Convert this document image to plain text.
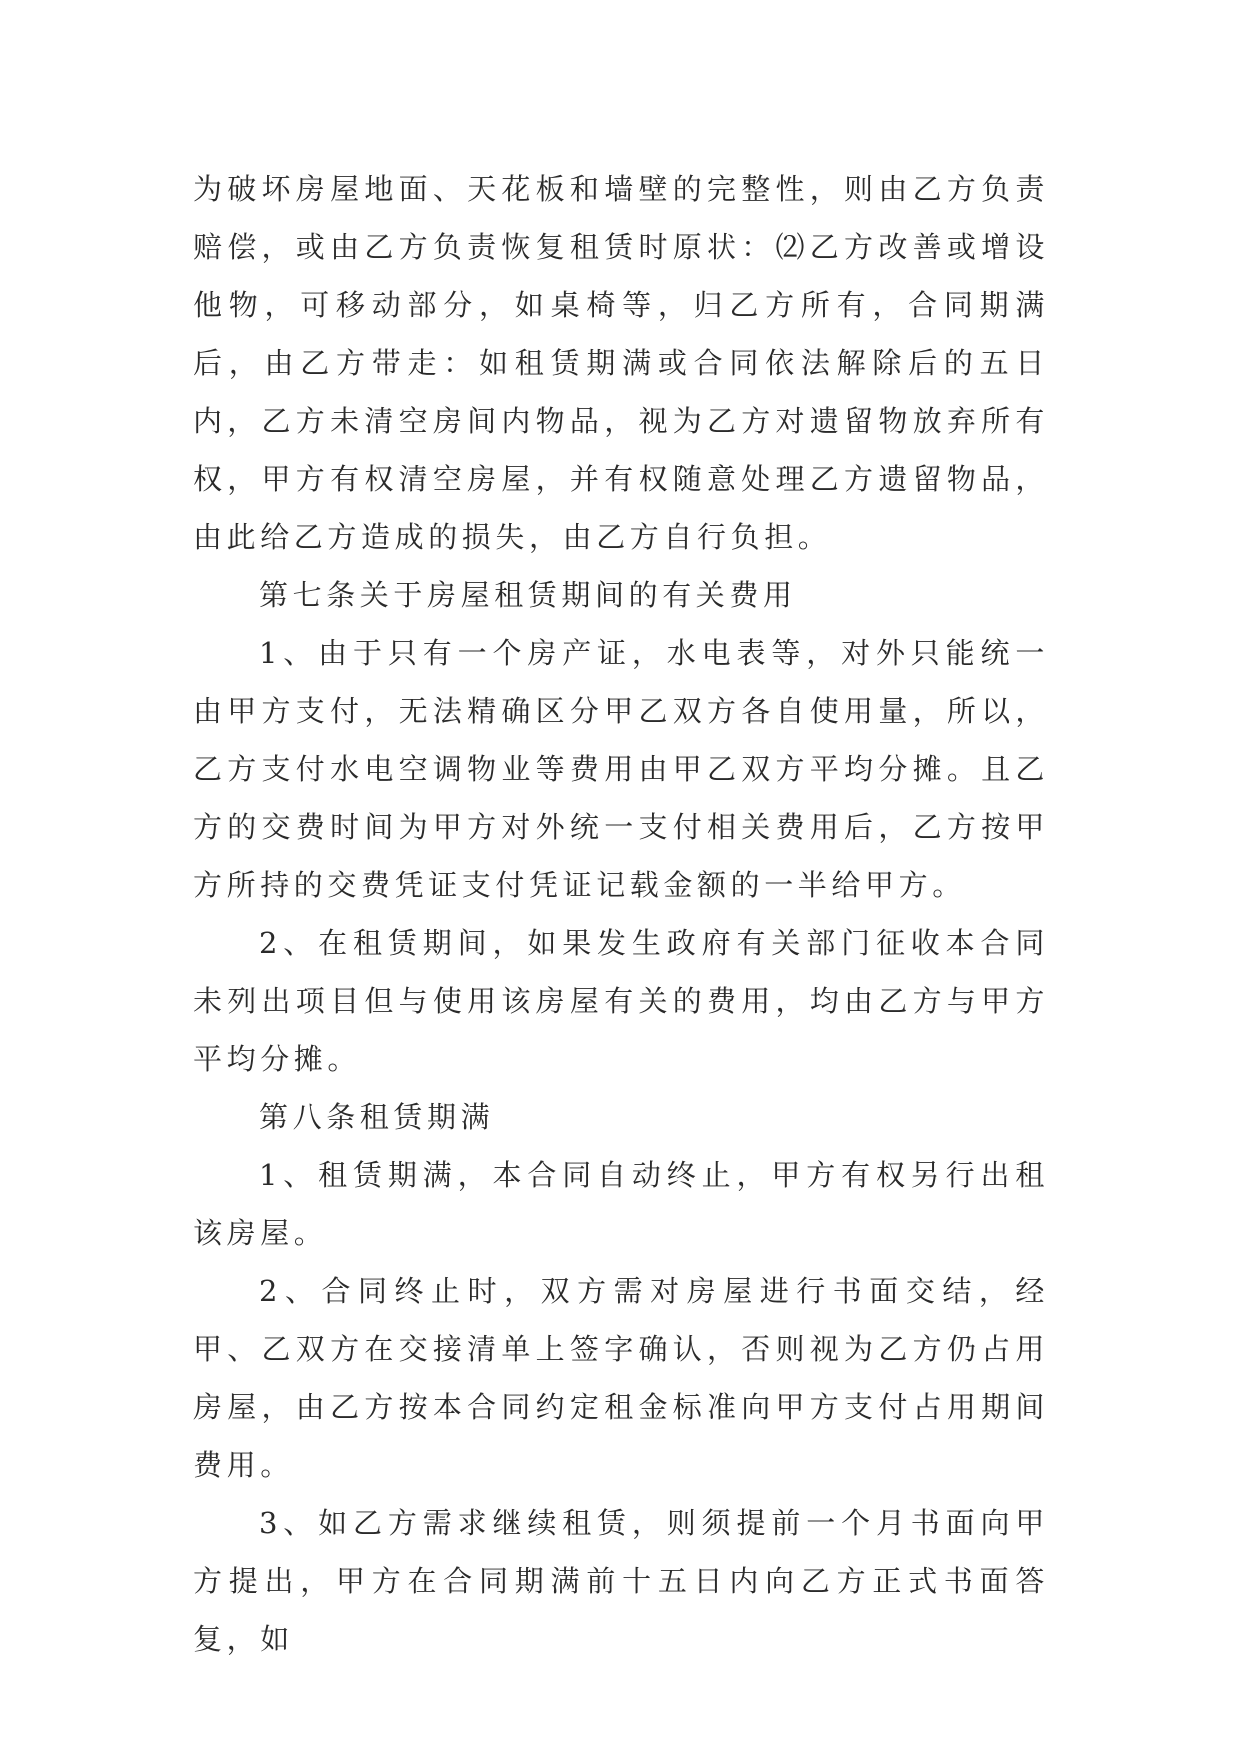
为破坏房屋地面、天花板和墙壁的完整性，则由乙方负责赔偿，或由乙方负责恢复租赁时原状：⑵乙方改善或增设他物，可移动部分，如桌椅等，归乙方所有，合同期满后，由乙方带走：如租赁期满或合同依法解除后的五日内，乙方未清空房间内物品，视为乙方对遗留物放弃所有权，甲方有权清空房屋，并有权随意处理乙方遗留物品，由此给乙方造成的损失，由乙方自行负担。

第七条关于房屋租赁期间的有关费用

1、由于只有一个房产证，水电表等，对外只能统一由甲方支付，无法精确区分甲乙双方各自使用量，所以，乙方支付水电空调物业等费用由甲乙双方平均分摊。且乙方的交费时间为甲方对外统一支付相关费用后，乙方按甲方所持的交费凭证支付凭证记载金额的一半给甲方。

2、在租赁期间，如果发生政府有关部门征收本合同未列出项目但与使用该房屋有关的费用，均由乙方与甲方平均分摊。

第八条租赁期满

1、租赁期满，本合同自动终止，甲方有权另行出租该房屋。

2、合同终止时，双方需对房屋进行书面交结，经甲、乙双方在交接清单上签字确认，否则视为乙方仍占用房屋，由乙方按本合同约定租金标准向甲方支付占用期间费用。

3、如乙方需求继续租赁，则须提前一个月书面向甲方提出，甲方在合同期满前十五日内向乙方正式书面答复，如
